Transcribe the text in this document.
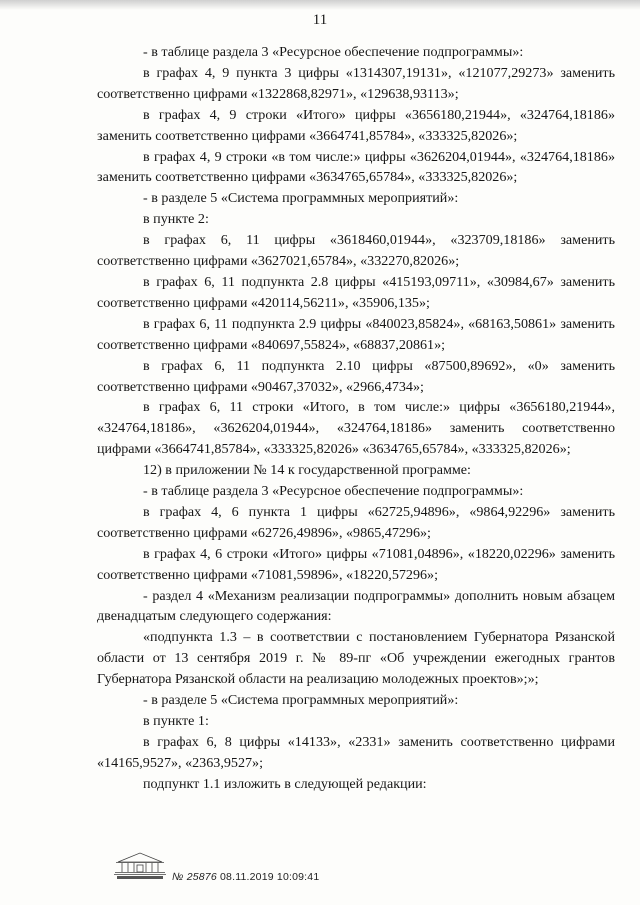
11

- в таблице раздела 3 «Ресурсное обеспечение подпрограммы»:

в графах 4, 9 пункта 3 цифры «1314307,19131», «121077,29273» заменить соответственно цифрами «1322868,82971», «129638,93113»;

в графах 4, 9 строки «Итого» цифры «3656180,21944», «324764,18186» заменить соответственно цифрами «3664741,85784», «333325,82026»;

в графах 4, 9 строки «в том числе:» цифры «3626204,01944», «324764,18186» заменить соответственно цифрами «3634765,65784», «333325,82026»;

- в разделе 5 «Система программных мероприятий»:

в пункте 2:

в графах 6, 11 цифры «3618460,01944», «323709,18186» заменить соответственно цифрами «3627021,65784», «332270,82026»;

в графах 6, 11 подпункта 2.8 цифры «415193,09711», «30984,67» заменить соответственно цифрами «420114,56211», «35906,135»;

в графах 6, 11 подпункта 2.9 цифры «840023,85824», «68163,50861» заменить соответственно цифрами «840697,55824», «68837,20861»;

в графах 6, 11 подпункта 2.10 цифры «87500,89692», «0» заменить соответственно цифрами «90467,37032», «2966,4734»;

в графах 6, 11 строки «Итого, в том числе:» цифры «3656180,21944», «324764,18186», «3626204,01944», «324764,18186» заменить соответственно цифрами «3664741,85784», «333325,82026» «3634765,65784», «333325,82026»;

12) в приложении № 14 к государственной программе:

- в таблице раздела 3 «Ресурсное обеспечение подпрограммы»:

в графах 4, 6 пункта 1 цифры «62725,94896», «9864,92296» заменить соответственно цифрами «62726,49896», «9865,47296»;

в графах 4, 6 строки «Итого» цифры «71081,04896», «18220,02296» заменить соответственно цифрами «71081,59896», «18220,57296»;

- раздел 4 «Механизм реализации подпрограммы» дополнить новым абзацем двенадцатым следующего содержания:

«подпункта 1.3 – в соответствии с постановлением Губернатора Рязанской области от 13 сентября 2019 г. № 89-пг «Об учреждении ежегодных грантов Губернатора Рязанской области на реализацию молодежных проектов»;»;

- в разделе 5 «Система программных мероприятий»:

в пункте 1:

в графах 6, 8 цифры «14133», «2331» заменить соответственно цифрами «14165,9527», «2363,9527»;

подпункт 1.1 изложить в следующей редакции:

№ 25876 08.11.2019 10:09:41
